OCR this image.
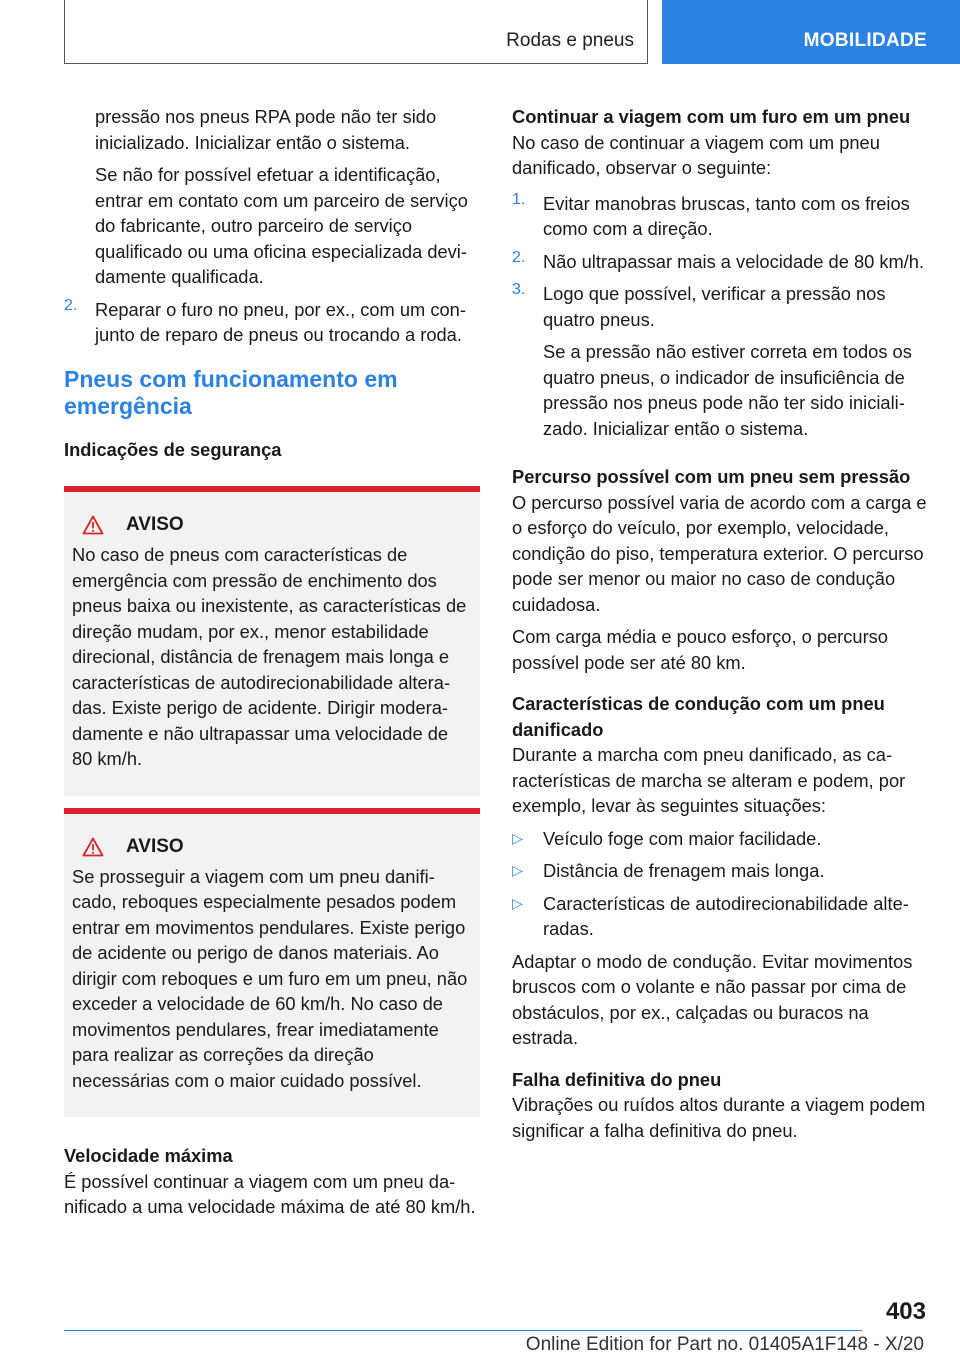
Rodas e pneus	MOBILIDADE

pressão nos pneus RPA pode não ter sido inicializado. Inicializar então o sistema.

Se não for possível efetuar a identificação, entrar em contato com um parceiro de serviço do fabricante, outro parceiro de serviço qualificado ou uma oficina especializada devidamente qualificada.

2. Reparar o furo no pneu, por ex., com um conjunto de reparo de pneus ou trocando a roda.
Pneus com funcionamento em emergência
Indicações de segurança
AVISO

No caso de pneus com características de emergência com pressão de enchimento dos pneus baixa ou inexistente, as características de direção mudam, por ex., menor estabilidade direcional, distância de frenagem mais longa e características de autodirecionabilidade alteradas. Existe perigo de acidente. Dirigir moderadamente e não ultrapassar uma velocidade de 80 km/h.

AVISO

Se prosseguir a viagem com um pneu danificado, reboques especialmente pesados podem entrar em movimentos pendulares. Existe perigo de acidente ou perigo de danos materiais. Ao dirigir com reboques e um furo em um pneu, não exceder a velocidade de 60 km/h. No caso de movimentos pendulares, frear imediatamente para realizar as correções da direção necessárias com o maior cuidado possível.

Velocidade máxima

É possível continuar a viagem com um pneu danificado a uma velocidade máxima de até 80 km/h.

Continuar a viagem com um furo em um pneu

No caso de continuar a viagem com um pneu danificado, observar o seguinte:

1. Evitar manobras bruscas, tanto com os freios como com a direção.
2. Não ultrapassar mais a velocidade de 80 km/h.
3. Logo que possível, verificar a pressão nos quatro pneus.

Se a pressão não estiver correta em todos os quatro pneus, o indicador de insuficiência de pressão nos pneus pode não ter sido inicializado. Inicializar então o sistema.

Percurso possível com um pneu sem pressão

O percurso possível varia de acordo com a carga e o esforço do veículo, por exemplo, velocidade, condição do piso, temperatura exterior. O percurso pode ser menor ou maior no caso de condução cuidadosa.

Com carga média e pouco esforço, o percurso possível pode ser até 80 km.

Características de condução com um pneu danificado

Durante a marcha com pneu danificado, as características de marcha se alteram e podem, por exemplo, levar às seguintes situações:

▷	Veículo foge com maior facilidade.
▷	Distância de frenagem mais longa.
▷	Características de autodirecionabilidade alteradas.

Adaptar o modo de condução. Evitar movimentos bruscos com o volante e não passar por cima de obstáculos, por ex., calçadas ou buracos na estrada.

Falha definitiva do pneu

Vibrações ou ruídos altos durante a viagem podem significar a falha definitiva do pneu.

403
Online Edition for Part no. 01405A1F148 - X/20
